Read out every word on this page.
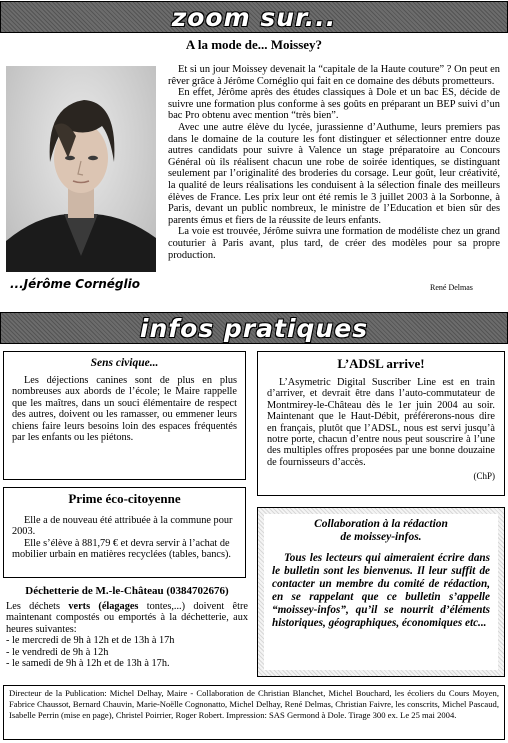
zoom sur...
A la mode de... Moissey?
...Jérôme Cornéglio

Et si un jour Moissey devenait la “capitale de la Haute couture” ? On peut en rêver grâce à Jérôme Cornéglio qui fait en ce domaine des débuts prometteurs.

En effet, Jérôme après des études classiques à Dole et un bac ES, décide de suivre une formation plus conforme à ses goûts en préparant un BEP suivi d’un bac Pro obtenu avec mention “très bien”.

Avec une autre élève du lycée, jurassienne d’Authume, leurs premiers pas dans le domaine de la couture les font distinguer et sélectionner entre douze autres candidats pour suivre à Valence un stage préparatoire au Concours Général où ils réalisent chacun une robe de soirée identiques, se distinguant seulement par l’originalité des broderies du corsage. Leur goût, leur créativité, la qualité de leurs réalisations les conduisent à la sélection finale des meilleurs élèves de France. Les prix leur ont été remis le 3 juillet 2003 à la Sorbonne, à Paris, devant un public nombreux, le ministre de l’Education et bien sûr des parents émus et fiers de la réussite de leurs enfants.

La voie est trouvée, Jérôme suivra une formation de modéliste chez un grand couturier à Paris avant, plus tard, de créer des modèles pour sa propre production.

René Delmas
infos pratiques
Sens civique...

Les déjections canines sont de plus en plus nombreuses aux abords de l’école; le Maire rappelle que les maîtres, dans un souci élémentaire de respect des autres, doivent ou les ramasser, ou emmener leurs chiens faire leurs besoins loin des espaces fréquentés par les enfants ou les piétons.

L’ADSL arrive!

L’Asymetric Digital Suscriber Line est en train d’arriver, et devrait être dans l’auto-commutateur de Montmirey-le-Château dès le 1er juin 2004 au soir. Maintenant que le Haut-Débit, préférerons-nous dire en français, plutôt que l’ADSL, nous est servi jusqu’à notre porte, chacun d’entre nous peut souscrire à l’une des multiples offres proposées par une bonne douzaine de fournisseurs d’accès.

(ChP)
Prime éco-citoyenne

Elle a de nouveau été attribuée à la commune pour 2003.

Elle s’élève à 881,79 € et devra servir à l’achat de mobilier urbain en matières recyclées (tables, bancs).

Déchetterie de M.-le-Château (0384702676)
Les déchets verts (élagages tontes,...) doivent être maintenant compostés ou emportés à la déchetterie, aux heures suivantes:
- le mercredi de 9h à 12h et de 13h à 17h
- le vendredi de 9h à 12h
- le samedi de 9h à 12h et de 13h à 17h.
Collaboration à la rédaction
de moissey-infos.
Tous les lecteurs qui aimeraient écrire dans le bulletin sont les bienvenus. Il leur suffit de contacter un membre du comité de rédaction, en se rappelant que ce bulletin s’appelle “moissey-infos”, qu’il se nourrit d’éléments historiques, géographiques, économiques etc...
Directeur de la Publication: Michel Delhay, Maire - Collaboration de Christian Blanchet, Michel Bouchard, les écoliers du Cours Moyen, Fabrice Chaussot, Bernard Chauvin, Marie-Noëlle Cognonatto, Michel Delhay, René Delmas, Christian Faivre, les conscrits, Michel Pascaud, Isabelle Perrin (mise en page), Christel Poirrier, Roger Robert. Impression: SAS Germond à Dole. Tirage 300 ex. Le 25 mai 2004.
